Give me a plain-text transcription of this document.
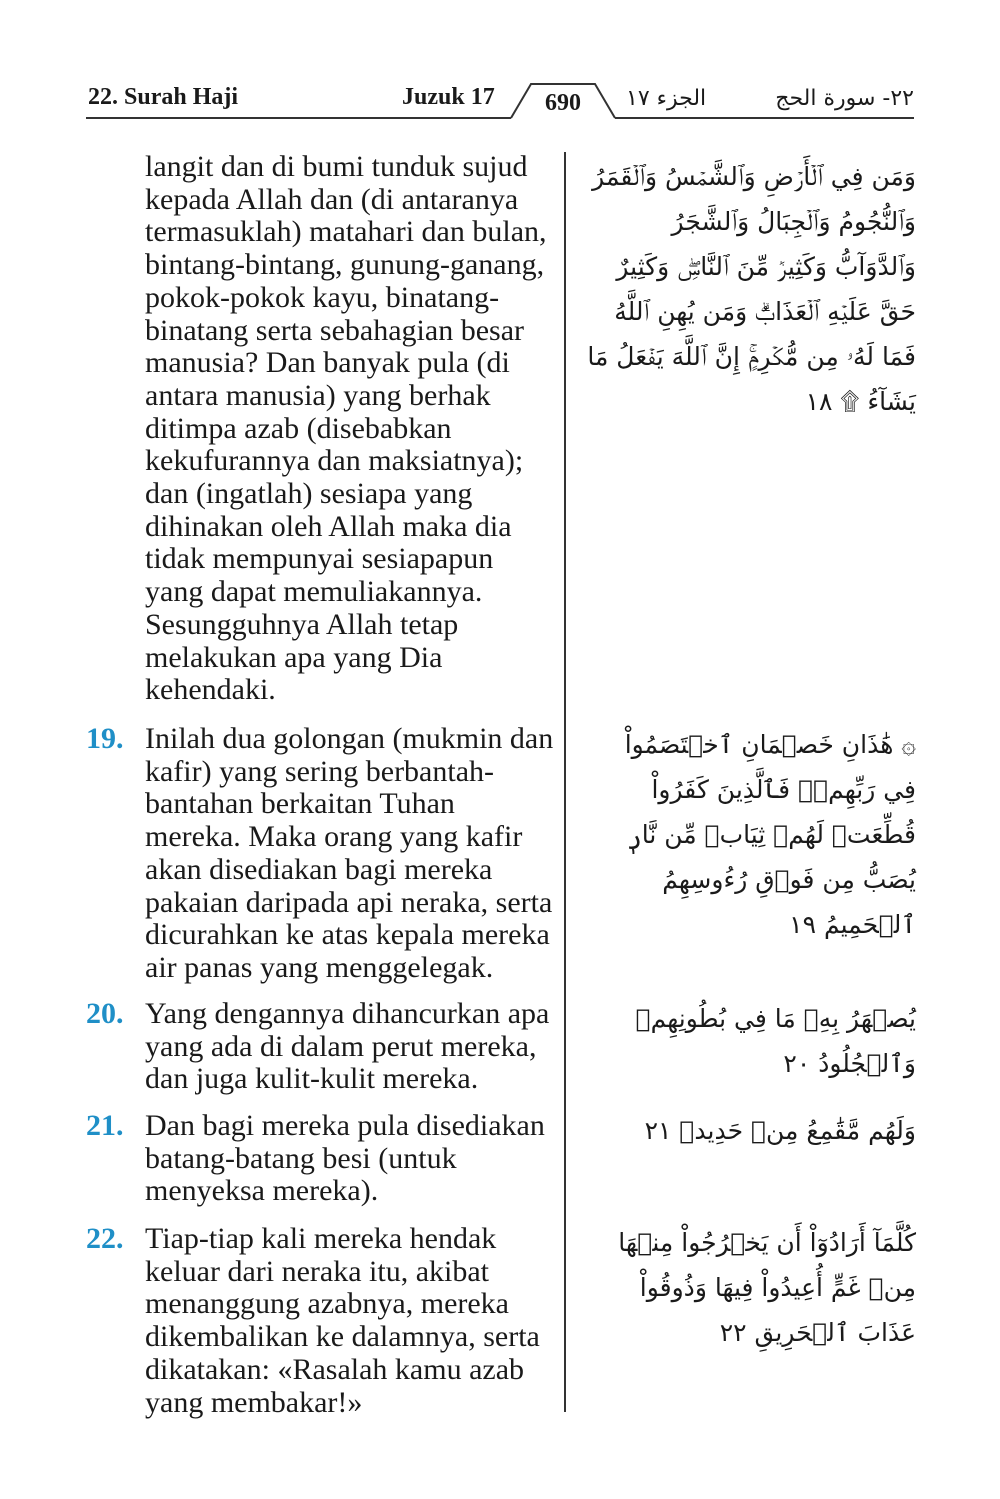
22. Surah Haji	Juzuk 17	690	الجزء ١٧	٢٢- سورة الحج

langit dan di bumi tunduk sujud kepada Allah dan (di antaranya termasuklah) matahari dan bulan, bintang-bintang, gunung-ganang, pokok-pokok kayu, binatang-binatang serta sebahagian besar manusia? Dan banyak pula (di antara manusia) yang berhak ditimpa azab (disebabkan kekufurannya dan maksiatnya); dan (ingatlah) sesiapa yang dihinakan oleh Allah maka dia tidak mempunyai sesiapapun yang dapat memuliakannya. Sesungguhnya Allah tetap melakukan apa yang Dia kehendaki.

وَمَن فِي ٱلۡأَرۡضِ وَٱلشَّمۡسُ وَٱلۡقَمَرُ وَٱلنُّجُومُ وَٱلۡجِبَالُ وَٱلشَّجَرُ وَٱلدَّوَآبُّ وَكَثِيرٞ مِّنَ ٱلنَّاسِۖ وَكَثِيرٌ حَقَّ عَلَيۡهِ ٱلۡعَذَابُۗ وَمَن يُهِنِ ٱللَّهُ فَمَا لَهُۥ مِن مُّكۡرِمٍۚ إِنَّ ٱللَّهَ يَفۡعَلُ مَا يَشَآءُ ۩ ١٨

19. Inilah dua golongan (mukmin dan kafir) yang sering berbantah-bantahan berkaitan Tuhan mereka. Maka orang yang kafir akan disediakan bagi mereka pakaian daripada api neraka, serta dicurahkan ke atas kepala mereka air panas yang menggelegak.

۞ هَٰذَانِ خَصۡمَانِ ٱخۡتَصَمُواْ فِي رَبِّهِمۡۖ فَٱلَّذِينَ كَفَرُواْ قُطِّعَتۡ لَهُمۡ ثِيَابٞ مِّن نَّارٖ يُصَبُّ مِن فَوۡقِ رُءُوسِهِمُ ٱلۡحَمِيمُ ١٩

20. Yang dengannya dihancurkan apa yang ada di dalam perut mereka, dan juga kulit-kulit mereka.

يُصۡهَرُ بِهِۦ مَا فِي بُطُونِهِمۡ وَٱلۡجُلُودُ ٢٠

21. Dan bagi mereka pula disediakan batang-batang besi (untuk menyeksa mereka).

وَلَهُم مَّقَٰمِعُ مِنۡ حَدِيدٖ ٢١

22. Tiap-tiap kali mereka hendak keluar dari neraka itu, akibat menanggung azabnya, mereka dikembalikan ke dalamnya, serta dikatakan: «Rasalah kamu azab yang membakar!»

كُلَّمَآ أَرَادُوٓاْ أَن يَخۡرُجُواْ مِنۡهَا مِنۡ غَمٍّ أُعِيدُواْ فِيهَا وَذُوقُواْ عَذَابَ ٱلۡحَرِيقِ ٢٢
